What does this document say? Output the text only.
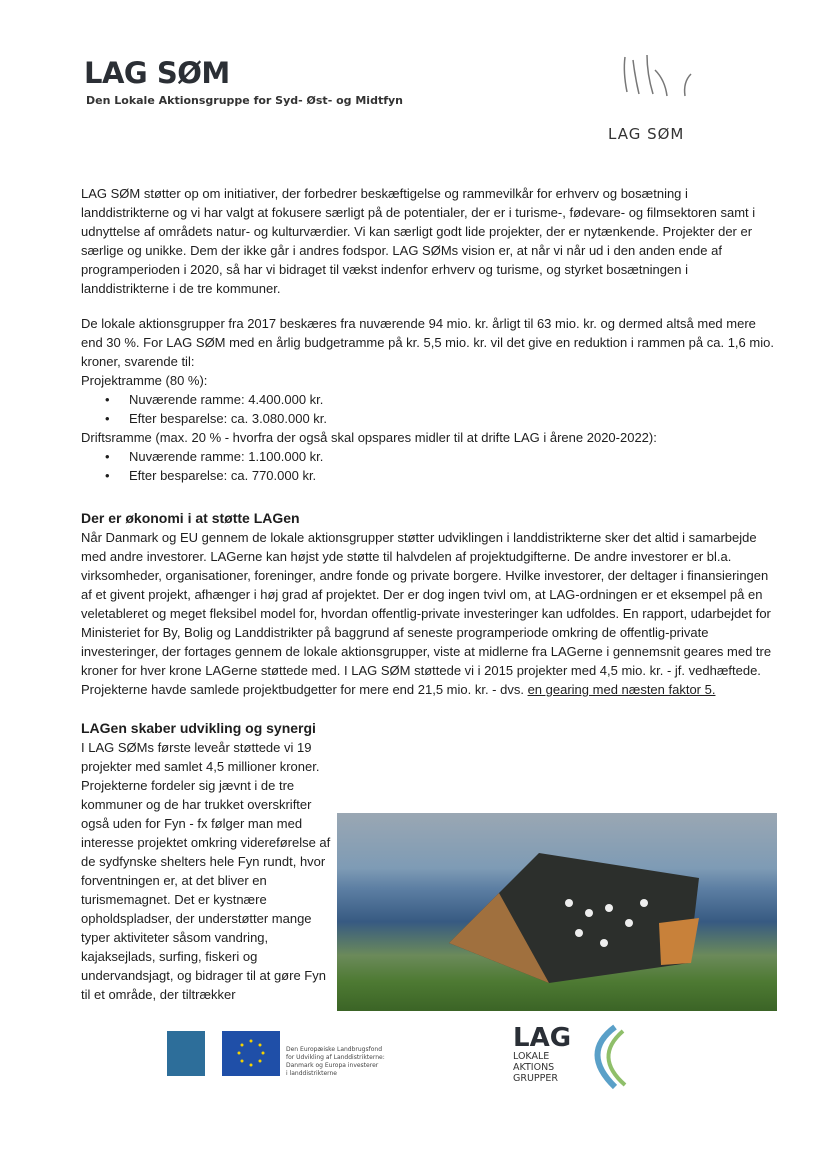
LAG SØM
Den Lokale Aktionsgruppe for Syd- Øst- og Midtfyn
LAG SØM

LAG SØM støtter op om initiativer, der forbedrer beskæftigelse og rammevilkår for erhverv og bosætning i landdistrikterne og vi har valgt at fokusere særligt på de potentialer, der er i turisme-, fødevare- og filmsektoren samt i udnyttelse af områdets natur- og kulturværdier. Vi kan særligt godt lide projekter, der er nytænkende. Projekter der er særlige og unikke. Dem der ikke går i andres fodspor. LAG SØMs vision er, at når vi når ud i den anden ende af programperioden i 2020, så har vi bidraget til vækst indenfor erhverv og turisme, og styrket bosætningen i landdistrikterne i de tre kommuner.

De lokale aktionsgrupper fra 2017 beskæres fra nuværende 94 mio. kr. årligt til 63 mio. kr. og dermed altså med mere end 30 %. For LAG SØM med en årlig budgetramme på kr. 5,5 mio. kr. vil det give en reduktion i rammen på ca. 1,6 mio. kroner, svarende til:
Projektramme (80 %):
• Nuværende ramme: 4.400.000 kr.
• Efter besparelse: ca. 3.080.000 kr.
Driftsramme (max. 20 % - hvorfra der også skal opspares midler til at drifte LAG i årene 2020-2022):
• Nuværende ramme: 1.100.000 kr.
• Efter besparelse: ca. 770.000 kr.
Der er økonomi i at støtte LAGen

Når Danmark og EU gennem de lokale aktionsgrupper støtter udviklingen i landdistrikterne sker det altid i samarbejde med andre investorer. LAGerne kan højst yde støtte til halvdelen af projektudgifterne. De andre investorer er bl.a. virksomheder, organisationer, foreninger, andre fonde og private borgere. Hvilke investorer, der deltager i finansieringen af et givent projekt, afhænger i høj grad af projektet. Der er dog ingen tvivl om, at LAG-ordningen er et eksempel på en veletableret og meget fleksibel model for, hvordan offentlig-private investeringer kan udfoldes. En rapport, udarbejdet for Ministeriet for By, Bolig og Landdistrikter på baggrund af seneste programperiode omkring de offentlig-private investeringer, der fortages gennem de lokale aktionsgrupper, viste at midlerne fra LAGerne i gennemsnit geares med tre kroner for hver krone LAGerne støttede med. I LAG SØM støttede vi i 2015 projekter med 4,5 mio. kr. - jf. vedhæftede. Projekterne havde samlede projektbudgetter for mere end 21,5 mio. kr. - dvs. en gearing med næsten faktor 5.

LAGen skaber udvikling og synergi
I LAG SØMs første leveår støttede vi 19 projekter med samlet 4,5 millioner kroner. Projekterne fordeler sig jævnt i de tre kommuner og de har trukket overskrifter også uden for Fyn - fx følger man med interesse projektet omkring videreførelse af de sydfynske shelters hele Fyn rundt, hvor forventningen er, at det bliver en turismemagnet. Det er kystnære opholdspladser, der understøtter mange typer aktiviteter såsom vandring, kajaksejlads, surfing, fiskeri og undervandsjagt, og bidrager til at gøre Fyn til et område, der tiltrækker
Den Europæiske Landbrugsfond
for Udvikling af Landdistrikterne:
Danmark og Europa investerer
i landdistrikterne
LAG
LOKALE
AKTIONS
GRUPPER
